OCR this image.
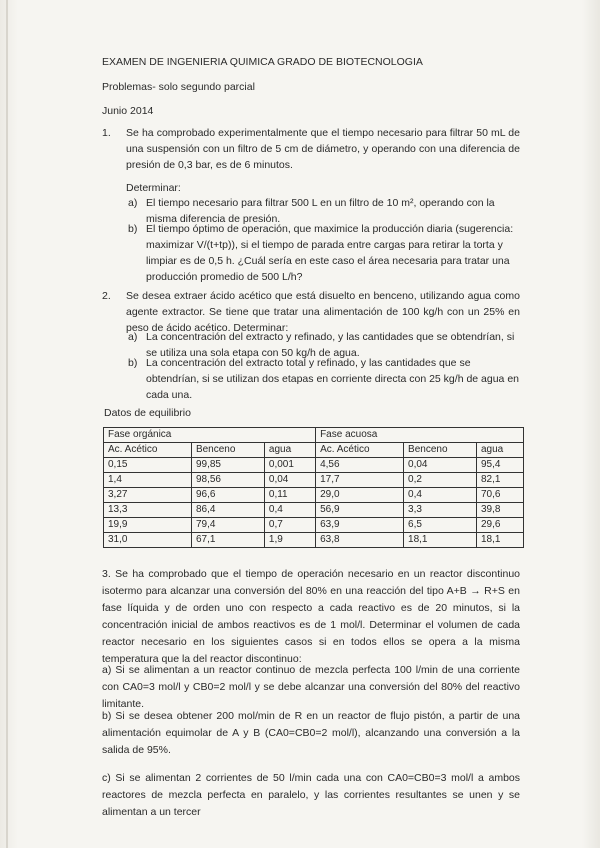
EXAMEN DE INGENIERIA QUIMICA GRADO DE BIOTECNOLOGIA
Problemas- solo segundo parcial
Junio 2014
1. Se ha comprobado experimentalmente que el tiempo necesario para filtrar 50 mL de una suspensión con un filtro de 5 cm de diámetro, y operando con una diferencia de presión de 0,3 bar, es de 6 minutos.
Determinar:
a) El tiempo necesario para filtrar 500 L en un filtro de 10 m², operando con la misma diferencia de presión.
b) El tiempo óptimo de operación, que maximice la producción diaria (sugerencia: maximizar V/(t+tp)), si el tiempo de parada entre cargas para retirar la torta y limpiar es de 0,5 h. ¿Cuál sería en este caso el área necesaria para tratar una producción promedio de 500 L/h?
2. Se desea extraer ácido acético que está disuelto en benceno, utilizando agua como agente extractor. Se tiene que tratar una alimentación de 100 kg/h con un 25% en peso de ácido acético. Determinar:
a) La concentración del extracto y refinado, y las cantidades que se obtendrían, si se utiliza una sola etapa con 50 kg/h de agua.
b) La concentración del extracto total y refinado, y las cantidades que se obtendrían, si se utilizan dos etapas en corriente directa con 25 kg/h de agua en cada una.
Datos de equilibrio
Fase orgánica			Fase acuosa		
Ac. Acético	Benceno	agua	Ac. Acético	Benceno	agua
0,15	99,85	0,001	4,56	0,04	95,4
1,4	98,56	0,04	17,7	0,2	82,1
3,27	96,6	0,11	29,0	0,4	70,6
13,3	86,4	0,4	56,9	3,3	39,8
19,9	79,4	0,7	63,9	6,5	29,6
31,0	67,1	1,9	63,8	18,1	18,1
3. Se ha comprobado que el tiempo de operación necesario en un reactor discontinuo isotermo para alcanzar una conversión del 80% en una reacción del tipo A+B → R+S en fase líquida y de orden uno con respecto a cada reactivo es de 20 minutos, si la concentración inicial de ambos reactivos es de 1 mol/l. Determinar el volumen de cada reactor necesario en los siguientes casos si en todos ellos se opera a la misma temperatura que la del reactor discontinuo:
a) Si se alimentan a un reactor continuo de mezcla perfecta 100 l/min de una corriente con CA0=3 mol/l y CB0=2 mol/l y se debe alcanzar una conversión del 80% del reactivo limitante.
b) Si se desea obtener 200 mol/min de R en un reactor de flujo pistón, a partir de una alimentación equimolar de A y B (CA0=CB0=2 mol/l), alcanzando una conversión a la salida de 95%.
c) Si se alimentan 2 corrientes de 50 l/min cada una con CA0=CB0=3 mol/l a ambos reactores de mezcla perfecta en paralelo, y las corrientes resultantes se unen y se alimentan a un tercer
